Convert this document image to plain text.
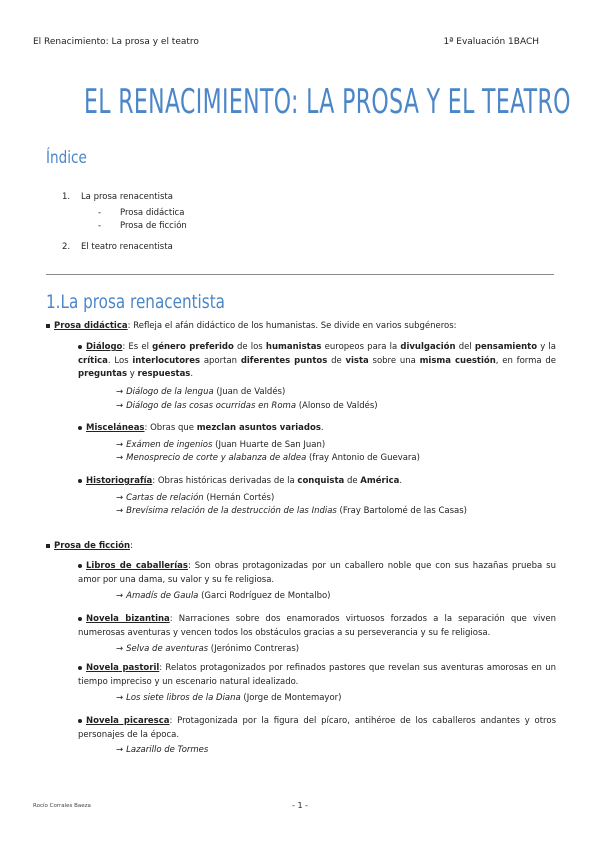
El Renacimiento: La prosa y el teatro	1ª Evaluación 1BACH
EL RENACIMIENTO: LA PROSA Y EL TEATRO
Índice
1. La prosa renacentista
- Prosa didáctica
- Prosa de ficción
2. El teatro renacentista
1.La prosa renacentista
Prosa didáctica: Refleja el afán didáctico de los humanistas. Se divide en varios subgéneros:
Diálogo: Es el género preferido de los humanistas europeos para la divulgación del pensamiento y la crítica. Los interlocutores aportan diferentes puntos de vista sobre una misma cuestión, en forma de preguntas y respuestas.
→ Diálogo de la lengua (Juan de Valdés)
→ Diálogo de las cosas ocurridas en Roma (Alonso de Valdés)
Misceláneas: Obras que mezclan asuntos variados.
→ Exámen de ingenios (Juan Huarte de San Juan)
→ Menosprecio de corte y alabanza de aldea (fray Antonio de Guevara)
Historiografía: Obras históricas derivadas de la conquista de América.
→ Cartas de relación (Hernán Cortés)
→ Brevísima relación de la destrucción de las Indias (Fray Bartolomé de las Casas)
Prosa de ficción:
Libros de caballerías: Son obras protagonizadas por un caballero noble que con sus hazañas prueba su amor por una dama, su valor y su fe religiosa.
→ Amadís de Gaula (Garci Rodríguez de Montalbo)
Novela bizantina: Narraciones sobre dos enamorados virtuosos forzados a la separación que viven numerosas aventuras y vencen todos los obstáculos gracias a su perseverancia y su fe religiosa.
→ Selva de aventuras (Jerónimo Contreras)
Novela pastoril: Relatos protagonizados por refinados pastores que revelan sus aventuras amorosas en un tiempo impreciso y un escenario natural idealizado.
→ Los siete libros de la Diana (Jorge de Montemayor)
Novela picaresca: Protagonizada por la figura del pícaro, antihéroe de los caballeros andantes y otros personajes de la época.
→ Lazarillo de Tormes
Rocío Corrales Baeza	- 1 -
